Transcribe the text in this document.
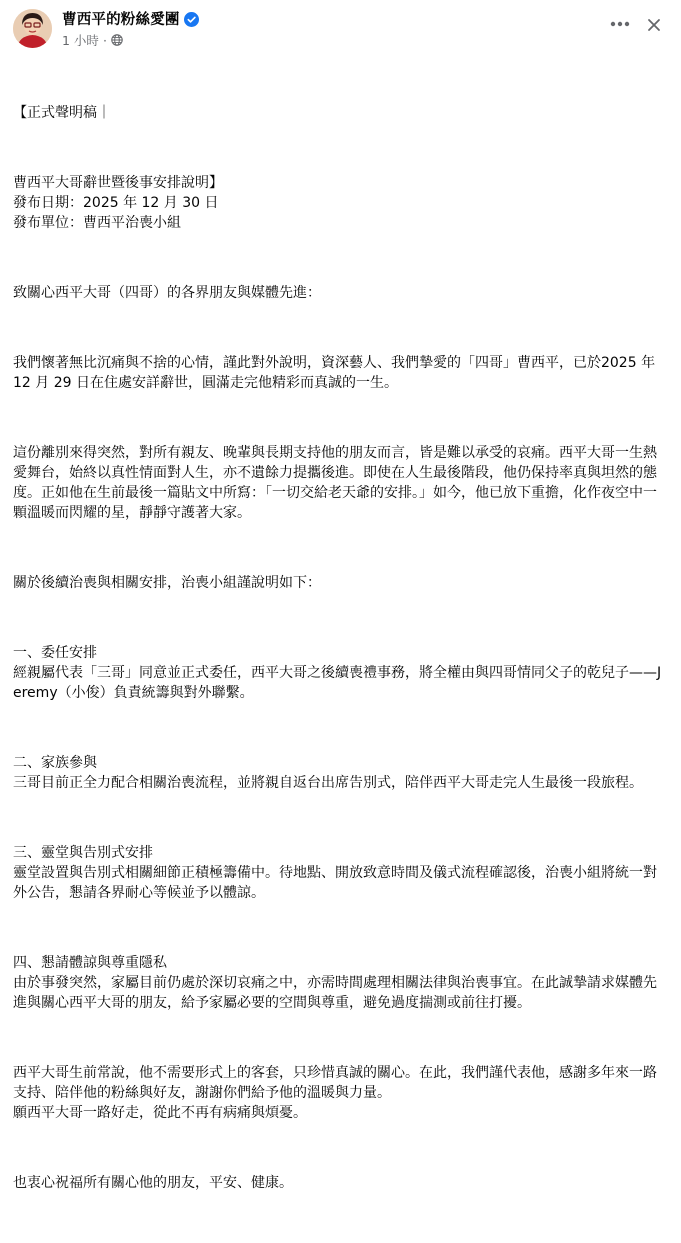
曹西平的粉絲愛團
1 小時 ·

【正式聲明稿｜

曹西平大哥辭世暨後事安排說明】
發布日期：2025 年 12 月 30 日
發布單位：曹西平治喪小組

致關心西平大哥（四哥）的各界朋友與媒體先進：

我們懷著無比沉痛與不捨的心情，謹此對外說明，資深藝人、我們摯愛的「四哥」曹西平，已於2025 年 12 月 29 日在住處安詳辭世，圓滿走完他精彩而真誠的一生。

這份離別來得突然，對所有親友、晚輩與長期支持他的朋友而言，皆是難以承受的哀痛。西平大哥一生熱愛舞台，始終以真性情面對人生，亦不遺餘力提攜後進。即使在人生最後階段，他仍保持率真與坦然的態度。正如他在生前最後一篇貼文中所寫：「一切交給老天爺的安排。」如今，他已放下重擔，化作夜空中一顆溫暖而閃耀的星，靜靜守護著大家。

關於後續治喪與相關安排，治喪小組謹說明如下：

一、委任安排
經親屬代表「三哥」同意並正式委任，西平大哥之後續喪禮事務，將全權由與四哥情同父子的乾兒子——Jeremy（小俊）負責統籌與對外聯繫。

二、家族參與
三哥目前正全力配合相關治喪流程，並將親自返台出席告別式，陪伴西平大哥走完人生最後一段旅程。

三、靈堂與告別式安排
靈堂設置與告別式相關細節正積極籌備中。待地點、開放致意時間及儀式流程確認後，治喪小組將統一對外公告，懇請各界耐心等候並予以體諒。

四、懇請體諒與尊重隱私
由於事發突然，家屬目前仍處於深切哀痛之中，亦需時間處理相關法律與治喪事宜。在此誠摯請求媒體先進與關心西平大哥的朋友，給予家屬必要的空間與尊重，避免過度揣測或前往打擾。

西平大哥生前常說，他不需要形式上的客套，只珍惜真誠的關心。在此，我們謹代表他，感謝多年來一路支持、陪伴他的粉絲與好友，謝謝你們給予他的溫暖與力量。
願西平大哥一路好走，從此不再有病痛與煩憂。

也衷心祝福所有關心他的朋友，平安、健康。
